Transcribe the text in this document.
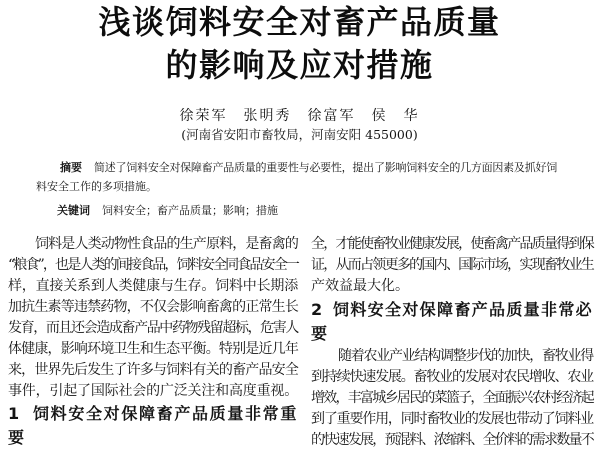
浅谈饲料安全对畜产品质量
的影响及应对措施
徐荣军　张明秀　徐富军　侯　华
(河南省安阳市畜牧局，河南安阳 455000)
摘要 简述了饲料安全对保障畜产品质量的重要性与必要性，提出了影响饲料安全的几方面因素及抓好饲
料安全工作的多项措施。
关键词 饲料安全；畜产品质量；影响；措施
饲料是人类动物性食品的生产原料，是畜禽的
“粮食”，也是人类的间接食品，饲料安全同食品安全一
样，直接关系到人类健康与生存。饲料中长期添
加抗生素等违禁药物，不仅会影响畜禽的正常生长
发育，而且还会造成畜产品中药物残留超标，危害人
体健康，影响环境卫生和生态平衡。特别是近几年
来，世界先后发生了许多与饲料有关的畜产品安全
事件，引起了国际社会的广泛关注和高度重视。
1 饲料安全对保障畜产品质量非常重
要
全，才能使畜牧业健康发展，使畜禽产品质量得到保
证，从而占领更多的国内、国际市场，实现畜牧业生
产效益最大化。
2 饲料安全对保障畜产品质量非常必
要
随着农业产业结构调整步伐的加快，畜牧业得
到持续快速发展。畜牧业的发展对农民增收、农业
增效，丰富城乡居民的菜篮子，全面振兴农村经济起
到了重要作用，同时畜牧业的发展也带动了饲料业
的快速发展，预混料、浓缩料、全价料的需求数量不
